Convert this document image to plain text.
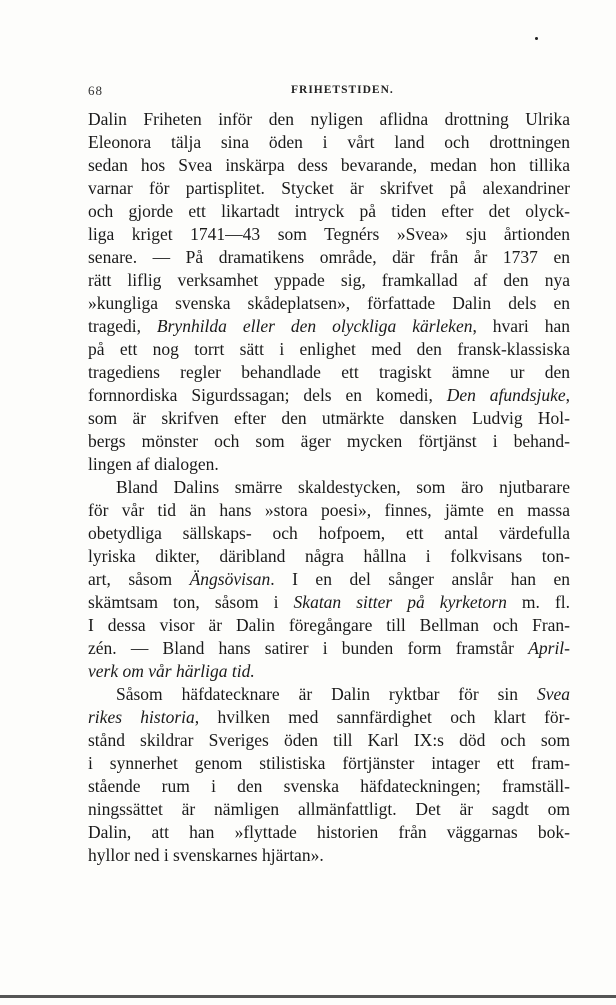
68	FRIHETSTIDEN.
Dalin Friheten inför den nyligen aflidna drottning Ulrika
Eleonora tälja sina öden i vårt land och drottningen
sedan hos Svea inskärpa dess bevarande, medan hon tillika
varnar för partisplitet. Stycket är skrifvet på alexandriner
och gjorde ett likartadt intryck på tiden efter det olyck-
liga kriget 1741—43 som Tegnérs »Svea» sju årtionden
senare. — På dramatikens område, där från år 1737 en
rätt liflig verksamhet yppade sig, framkallad af den nya
»kungliga svenska skådeplatsen», författade Dalin dels en
tragedi, Brynhilda eller den olyckliga kärleken, hvari han
på ett nog torrt sätt i enlighet med den fransk-klassiska
tragediens regler behandlade ett tragiskt ämne ur den
fornnordiska Sigurdssagan; dels en komedi, Den afundsjuke,
som är skrifven efter den utmärkte dansken Ludvig Hol-
bergs mönster och som äger mycken förtjänst i behand-
lingen af dialogen.
Bland Dalins smärre skaldestycken, som äro njutbarare
för vår tid än hans »stora poesi», finnes, jämte en massa
obetydliga sällskaps- och hofpoem, ett antal värdefulla
lyriska dikter, däribland några hållna i folkvisans ton-
art, såsom Ängsövisan. I en del sånger anslår han en
skämtsam ton, såsom i Skatan sitter på kyrketorn m. fl.
I dessa visor är Dalin föregångare till Bellman och Fran-
zén. — Bland hans satirer i bunden form framstår April-
verk om vår härliga tid.
Såsom häfdatecknare är Dalin ryktbar för sin Svea
rikes historia, hvilken med sannfärdighet och klart för-
stånd skildrar Sveriges öden till Karl IX:s död och som
i synnerhet genom stilistiska förtjänster intager ett fram-
stående rum i den svenska häfdateckningen; framställ-
ningssättet är nämligen allmänfattligt. Det är sagdt om
Dalin, att han »flyttade historien från väggarnas bok-
hyllor ned i svenskarnes hjärtan».
